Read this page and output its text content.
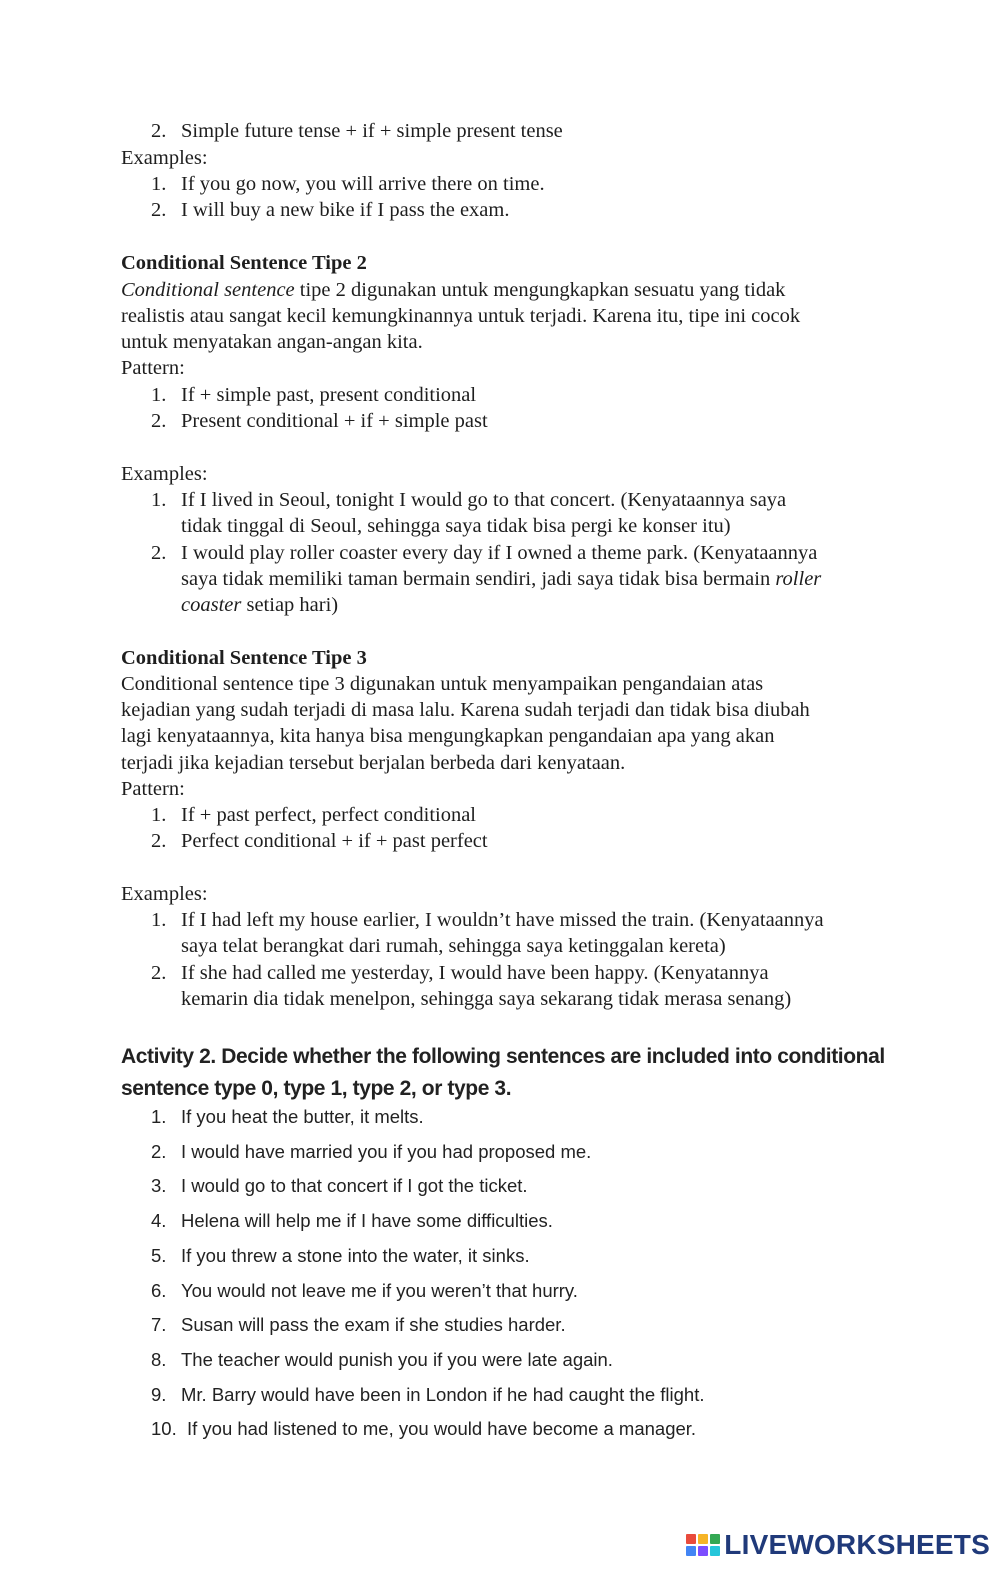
2. Simple future tense + if + simple present tense
Examples:
1. If you go now, you will arrive there on time.
2. I will buy a new bike if I pass the exam.
Conditional Sentence Tipe 2
Conditional sentence tipe 2 digunakan untuk mengungkapkan sesuatu yang tidak
realistis atau sangat kecil kemungkinannya untuk terjadi. Karena itu, tipe ini cocok
untuk menyatakan angan-angan kita.
Pattern:
1. If + simple past, present conditional
2. Present conditional + if + simple past
Examples:
1. If I lived in Seoul, tonight I would go to that concert. (Kenyataannya saya
tidak tinggal di Seoul, sehingga saya tidak bisa pergi ke konser itu)
2. I would play roller coaster every day if I owned a theme park. (Kenyataannya
saya tidak memiliki taman bermain sendiri, jadi saya tidak bisa bermain roller
coaster setiap hari)
Conditional Sentence Tipe 3
Conditional sentence tipe 3 digunakan untuk menyampaikan pengandaian atas
kejadian yang sudah terjadi di masa lalu. Karena sudah terjadi dan tidak bisa diubah
lagi kenyataannya, kita hanya bisa mengungkapkan pengandaian apa yang akan
terjadi jika kejadian tersebut berjalan berbeda dari kenyataan.
Pattern:
1. If + past perfect, perfect conditional
2. Perfect conditional + if + past perfect
Examples:
1. If I had left my house earlier, I wouldn’t have missed the train. (Kenyataannya
saya telat berangkat dari rumah, sehingga saya ketinggalan kereta)
2. If she had called me yesterday, I would have been happy. (Kenyatannya
kemarin dia tidak menelpon, sehingga saya sekarang tidak merasa senang)
Activity 2. Decide whether the following sentences are included into conditional
sentence type 0, type 1, type 2, or type 3.
1. If you heat the butter, it melts.
2. I would have married you if you had proposed me.
3. I would go to that concert if I got the ticket.
4. Helena will help me if I have some difficulties.
5. If you threw a stone into the water, it sinks.
6. You would not leave me if you weren’t that hurry.
7. Susan will pass the exam if she studies harder.
8. The teacher would punish you if you were late again.
9. Mr. Barry would have been in London if he had caught the flight.
10. If you had listened to me, you would have become a manager.
LIVEWORKSHEETS
